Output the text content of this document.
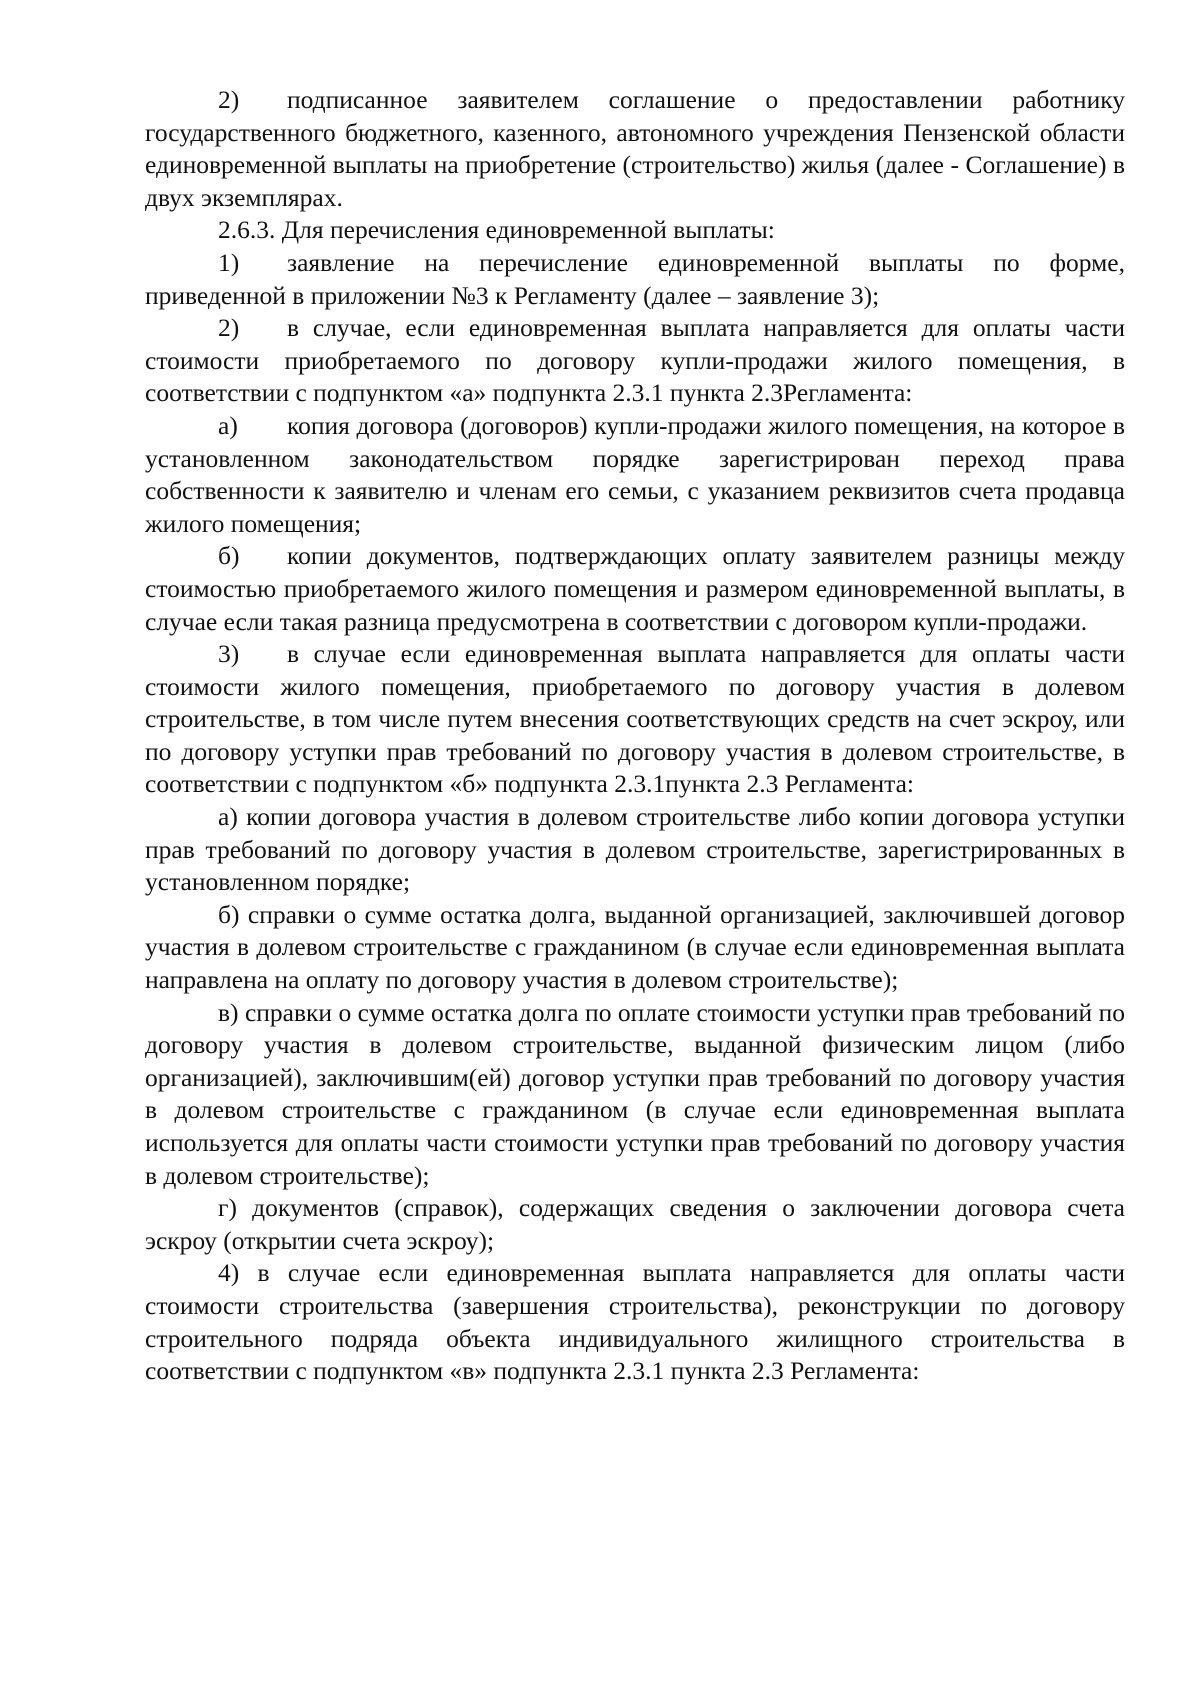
2) подписанное заявителем соглашение о предоставлении работнику государственного бюджетного, казенного, автономного учреждения Пензенской области единовременной выплаты на приобретение (строительство) жилья (далее - Соглашение) в двух экземплярах.

2.6.3. Для перечисления единовременной выплаты:

1) заявление на перечисление единовременной выплаты по форме, приведенной в приложении №3 к Регламенту (далее – заявление 3);

2) в случае, если единовременная выплата направляется для оплаты части стоимости приобретаемого по договору купли-продажи жилого помещения, в соответствии с подпунктом «а» подпункта 2.3.1 пункта 2.3Регламента:

а) копия договора (договоров) купли-продажи жилого помещения, на которое в установленном законодательством порядке зарегистрирован переход права собственности к заявителю и членам его семьи, с указанием реквизитов счета продавца жилого помещения;

б) копии документов, подтверждающих оплату заявителем разницы между стоимостью приобретаемого жилого помещения и размером единовременной выплаты, в случае если такая разница предусмотрена в соответствии с договором купли-продажи.

3) в случае если единовременная выплата направляется для оплаты части стоимости жилого помещения, приобретаемого по договору участия в долевом строительстве, в том числе путем внесения соответствующих средств на счет эскроу, или по договору уступки прав требований по договору участия в долевом строительстве, в соответствии с подпунктом «б» подпункта 2.3.1пункта 2.3 Регламента:

а) копии договора участия в долевом строительстве либо копии договора уступки прав требований по договору участия в долевом строительстве, зарегистрированных в установленном порядке;

б) справки о сумме остатка долга, выданной организацией, заключившей договор участия в долевом строительстве с гражданином (в случае если единовременная выплата направлена на оплату по договору участия в долевом строительстве);

в) справки о сумме остатка долга по оплате стоимости уступки прав требований по договору участия в долевом строительстве, выданной физическим лицом (либо организацией), заключившим(ей) договор уступки прав требований по договору участия в долевом строительстве с гражданином (в случае если единовременная выплата используется для оплаты части стоимости уступки прав требований по договору участия в долевом строительстве);

г) документов (справок), содержащих сведения о заключении договора счета эскроу (открытии счета эскроу);

4) в случае если единовременная выплата направляется для оплаты части стоимости строительства (завершения строительства), реконструкции по договору строительного подряда объекта индивидуального жилищного строительства в соответствии с подпунктом «в» подпункта 2.3.1 пункта 2.3 Регламента:
